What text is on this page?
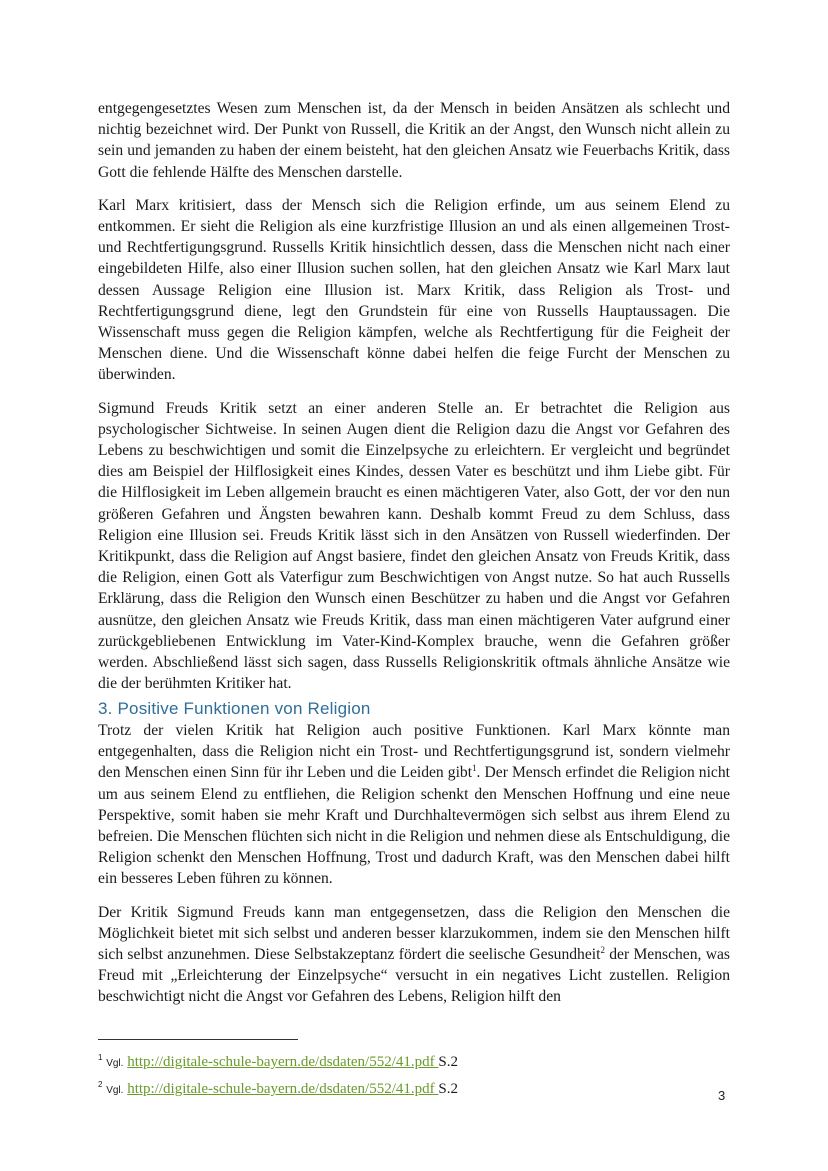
entgegengesetztes Wesen zum Menschen ist, da der Mensch in beiden Ansätzen als schlecht und nichtig bezeichnet wird. Der Punkt von Russell, die Kritik an der Angst, den Wunsch nicht allein zu sein und jemanden zu haben der einem beisteht, hat den gleichen Ansatz wie Feuerbachs Kritik, dass Gott die fehlende Hälfte des Menschen darstelle.

Karl Marx kritisiert, dass der Mensch sich die Religion erfinde, um aus seinem Elend zu entkommen. Er sieht die Religion als eine kurzfristige Illusion an und als einen allgemeinen Trost- und Rechtfertigungsgrund. Russells Kritik hinsichtlich dessen, dass die Menschen nicht nach einer eingebildeten Hilfe, also einer Illusion suchen sollen, hat den gleichen Ansatz wie Karl Marx laut dessen Aussage Religion eine Illusion ist. Marx Kritik, dass Religion als Trost- und Rechtfertigungsgrund diene, legt den Grundstein für eine von Russells Hauptaussagen. Die Wissenschaft muss gegen die Religion kämpfen, welche als Rechtfertigung für die Feigheit der Menschen diene. Und die Wissenschaft könne dabei helfen die feige Furcht der Menschen zu überwinden.

Sigmund Freuds Kritik setzt an einer anderen Stelle an. Er betrachtet die Religion aus psychologischer Sichtweise. In seinen Augen dient die Religion dazu die Angst vor Gefahren des Lebens zu beschwichtigen und somit die Einzelpsyche zu erleichtern. Er vergleicht und begründet dies am Beispiel der Hilflosigkeit eines Kindes, dessen Vater es beschützt und ihm Liebe gibt. Für die Hilflosigkeit im Leben allgemein braucht es einen mächtigeren Vater, also Gott, der vor den nun größeren Gefahren und Ängsten bewahren kann. Deshalb kommt Freud zu dem Schluss, dass Religion eine Illusion sei. Freuds Kritik lässt sich in den Ansätzen von Russell wiederfinden. Der Kritikpunkt, dass die Religion auf Angst basiere, findet den gleichen Ansatz von Freuds Kritik, dass die Religion, einen Gott als Vaterfigur zum Beschwichtigen von Angst nutze. So hat auch Russells Erklärung, dass die Religion den Wunsch einen Beschützer zu haben und die Angst vor Gefahren ausnütze, den gleichen Ansatz wie Freuds Kritik, dass man einen mächtigeren Vater aufgrund einer zurückgebliebenen Entwicklung im Vater-Kind-Komplex brauche, wenn die Gefahren größer werden. Abschließend lässt sich sagen, dass Russells Religionskritik oftmals ähnliche Ansätze wie die der berühmten Kritiker hat.

3. Positive Funktionen von Religion

Trotz der vielen Kritik hat Religion auch positive Funktionen. Karl Marx könnte man entgegenhalten, dass die Religion nicht ein Trost- und Rechtfertigungsgrund ist, sondern vielmehr den Menschen einen Sinn für ihr Leben und die Leiden gibt$^1$. Der Mensch erfindet die Religion nicht um aus seinem Elend zu entfliehen, die Religion schenkt den Menschen Hoffnung und eine neue Perspektive, somit haben sie mehr Kraft und Durchhaltevermögen sich selbst aus ihrem Elend zu befreien. Die Menschen flüchten sich nicht in die Religion und nehmen diese als Entschuldigung, die Religion schenkt den Menschen Hoffnung, Trost und dadurch Kraft, was den Menschen dabei hilft ein besseres Leben führen zu können.

Der Kritik Sigmund Freuds kann man entgegensetzen, dass die Religion den Menschen die Möglichkeit bietet mit sich selbst und anderen besser klarzukommen, indem sie den Menschen hilft sich selbst anzunehmen. Diese Selbstakzeptanz fördert die seelische Gesundheit$^2$ der Menschen, was Freud mit „Erleichterung der Einzelpsyche“ versucht in ein negatives Licht zustellen. Religion beschwichtigt nicht die Angst vor Gefahren des Lebens, Religion hilft den

$^1$ Vgl. http://digitale-schule-bayern.de/dsdaten/552/41.pdf S.2
$^2$ Vgl. http://digitale-schule-bayern.de/dsdaten/552/41.pdf S.2	3
